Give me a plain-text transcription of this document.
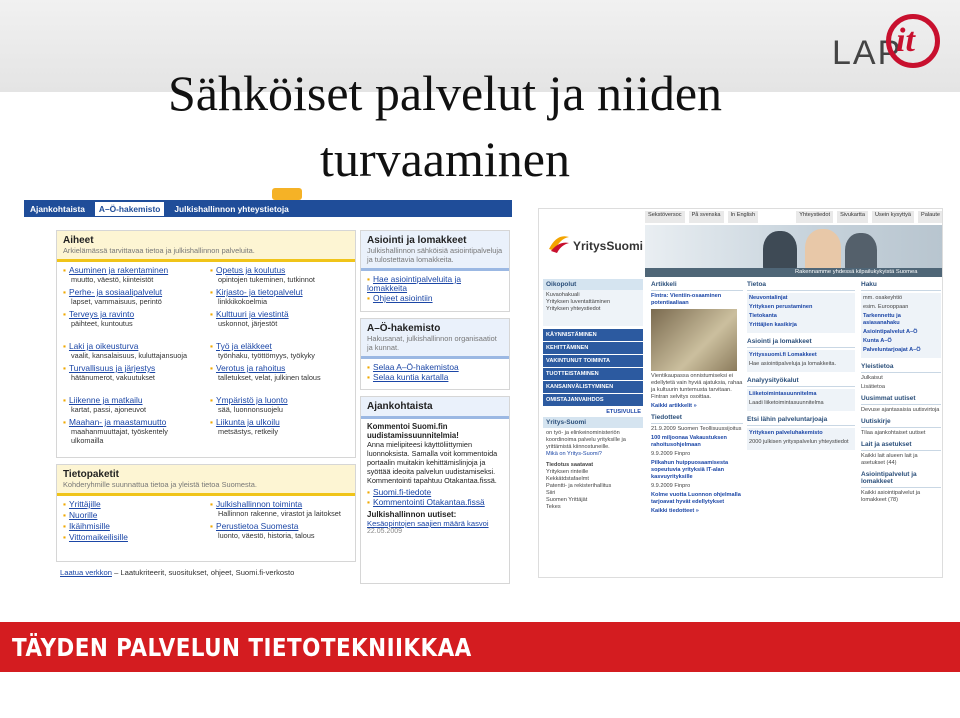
Sähköiset palvelut ja niiden turvaaminen
LAP
it
Ajankohtaista	A–Ö-hakemisto	Julkishallinnon yhteystietoja
Aiheet

Arkielämässä tarvittavaa tietoa ja julkishallinnon palveluita.

▪ Asuminen ja rakentaminen
muutto, väestö, kiinteistöt
▪ Perhe- ja sosiaalipalvelut
lapset, vammaisuus, perintö
▪ Terveys ja ravinto
päihteet, kuntoutus
▪ Laki ja oikeusturva
vaalit, kansalaisuus, kuluttajansuoja
▪ Turvallisuus ja järjestys
hätänumerot, vakuutukset
▪ Liikenne ja matkailu
kartat, passi, ajoneuvot
▪ Maahan- ja maastamuutto
maahanmuuttajat, työskentely ulkomailla
▪ Opetus ja koulutus
opintojen tukeminen, tutkinnot
▪ Kirjasto- ja tietopalvelut
linkkikokoelmia
▪ Kulttuuri ja viestintä
uskonnot, järjestöt
▪ Työ ja eläkkeet
työnhaku, työttömyys, työkyky
▪ Verotus ja rahoitus
talletukset, velat, julkinen talous
▪ Ympäristö ja luonto
sää, luonnonsuojelu
▪ Liikunta ja ulkoilu
metsästys, retkeily
Tietopaketit

Kohderyhmille suunnattua tietoa ja yleistä tietoa Suomesta.

▪ Yrittäjille
▪ Nuorille
▪ Ikäihmisille
▪ Vittomaikeilisille
▪ Julkishallinnon toiminta
Hallinnon rakenne, virastot ja laitokset
▪ Perustietoa Suomesta
luonto, väestö, historia, talous
Asiointi ja lomakkeet

Julkishallinnon sähköisiä asiointipalveluja ja tulostettavia lomakkeita.

▪ Hae asiointipalveluita ja lomakkeita
▪ Ohjeet asiointiin
A–Ö-hakemisto

Hakusanat, julkishallinnon organisaatiot ja kunnat.

▪ Selaa A–Ö-hakemistoa
▪ Selaa kuntia kartalla
Ajankohtaista
Kommentoi Suomi.fin uudistamissuunnitelmia!
Anna mielipiteesi käyttöliittymien luonnoksista. Samalla voit kommentoida portaalin muitakin kehittämislinjoja ja syöttää ideoita palvelun uudistamiseksi. Kommentointi tapahtuu Otakantaa.fissä.
▪ Suomi.fi-tiedote
▪ Kommentointi Otakantaa.fissä
Julkishallinnon uutiset:
Kesäopintojen saajien määrä kasvoi
22.05.2009
Laatua verkkon – Laatukriteerit, suositukset, ohjeet, Suomi.fi-verkosto
Sekstöversoc	På svenska	In English	Yhteystiedot	Sivukartta	Usein kysyttyä	Palaute
YritysSuomi
Rakennamme yhdessä kilpailukykyistä Suomea
Oikopolut
Kuvaohakuali
Yrityksen luventattäminen
Yrityksen yhteystiedot
KÄYNNISTÄMINEN
KEHITTÄMINEN
VAKINTUNUT TOIMINTA
TUOTTEISTAMINEN
KANSAINVÄLISTYMINEN
OMISTAJANVAIHDOS
ETUSIVULLE
Yritys-Suomi
on työ- ja elinkeinoministeriön koordinoima palvelu yrityksille ja yrittämistä kiinnostuneille.
Mikä on Yritys-Suomi?
Tiedotus saatavat
Yrityksen rinteille
Kekkätdstafaelmt
Patentti- ja rekisterihallitus
Siiri
Suomen Yrittäjät
Tekes
Artikkeli
Fintra: Vientiin-osaaminen potentiaaliaan
Vientikaupassa onnistumiseksi ei edellytetä vain hyviä ajatuksia, rahaa ja kultuurin tuntemusta tarvitaan. Fintran selvitys osoittaa.
Kaikki artikkelit »
Tiedotteet
21.9.2009 Suomen Teollisuussijoitus
100 miljoonaa Vakaustuksen rahoitusohjelmaan
9.9.2009 Finpro
Pilkahun huippuosaamisesta sopeutuvia yrityksiä IT-alan kasvuyrityksille
9.9.2009 Finpro
Kolme vuotta Luonnon ohjelmalla tarjoavat hyvät edellytykset
Kaikki tiedotteet »
Tietoa
Neuvontalinjat
Yrityksen perustaminen
Tietokanta
Yrittäjien kasikirja
Asiointi ja lomakkeet
Yrityssuomi.fi Lomakkeet
Hae asiointipalveluja ja lomakkeita.
Analyysityökalut
Liiketoimintasuunnitelma
Laadi liiketoimintasuunnitelma
Etsi lähin palveluntarjoaja
Yrityksen palveluhakemisto
2000 julkisen yrityspalvelun yhteystiedot
Haku
mm. osakeyhtiö
esim. Eurooppaan
Tarkennettu ja asiasanahaku
Asiointipalvelut A–Ö
Kunta A–Ö
Palveluntarjoajat A–Ö
Yleistietoa
Julkaisut
Lisätietoa
Uusimmat uutiset
Devuse ajantasaisia uutisvirtoja
Uutiskirje
Tilaa ajankohtaiset uutiset
Lait ja asetukset
Kaikki lait alueen lait ja asetukset (44)
Asiointipalvelut ja lomakkeet
Kaikki asiointipalvelut ja lomakkeet (78)
TÄYDEN PALVELUN TIETOTEKNIIKKAA
